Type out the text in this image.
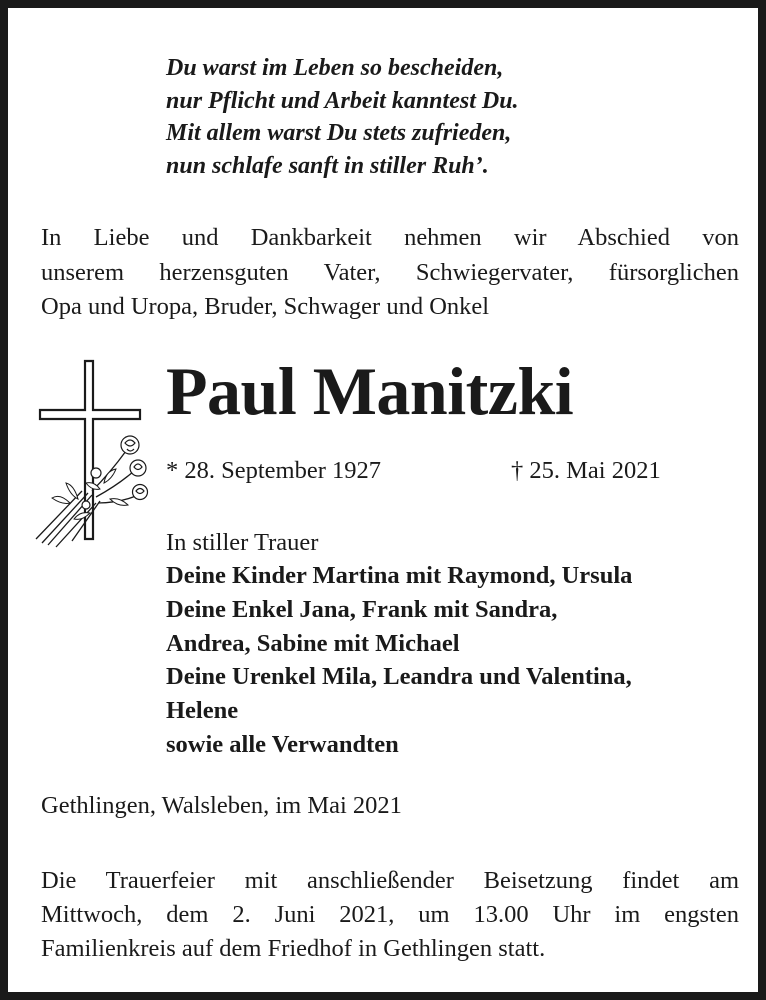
Du warst im Leben so bescheiden,
nur Pflicht und Arbeit kanntest Du.
Mit allem warst Du stets zufrieden,
nun schlafe sanft in stiller Ruh’.
In Liebe und Dankbarkeit nehmen wir Abschied von
unserem herzensguten Vater, Schwiegervater, fürsorglichen
Opa und Uropa, Bruder, Schwager und Onkel
Paul Manitzki
* 28. September 1927	† 25. Mai 2021
In stiller Trauer
Deine Kinder Martina mit Raymond, Ursula
Deine Enkel Jana, Frank mit Sandra,
Andrea, Sabine mit Michael
Deine Urenkel Mila, Leandra und Valentina,
Helene
sowie alle Verwandten
Gethlingen, Walsleben, im Mai 2021
Die Trauerfeier mit anschließender Beisetzung findet am
Mittwoch, dem 2. Juni 2021, um 13.00 Uhr im engsten
Familienkreis auf dem Friedhof in Gethlingen statt.
